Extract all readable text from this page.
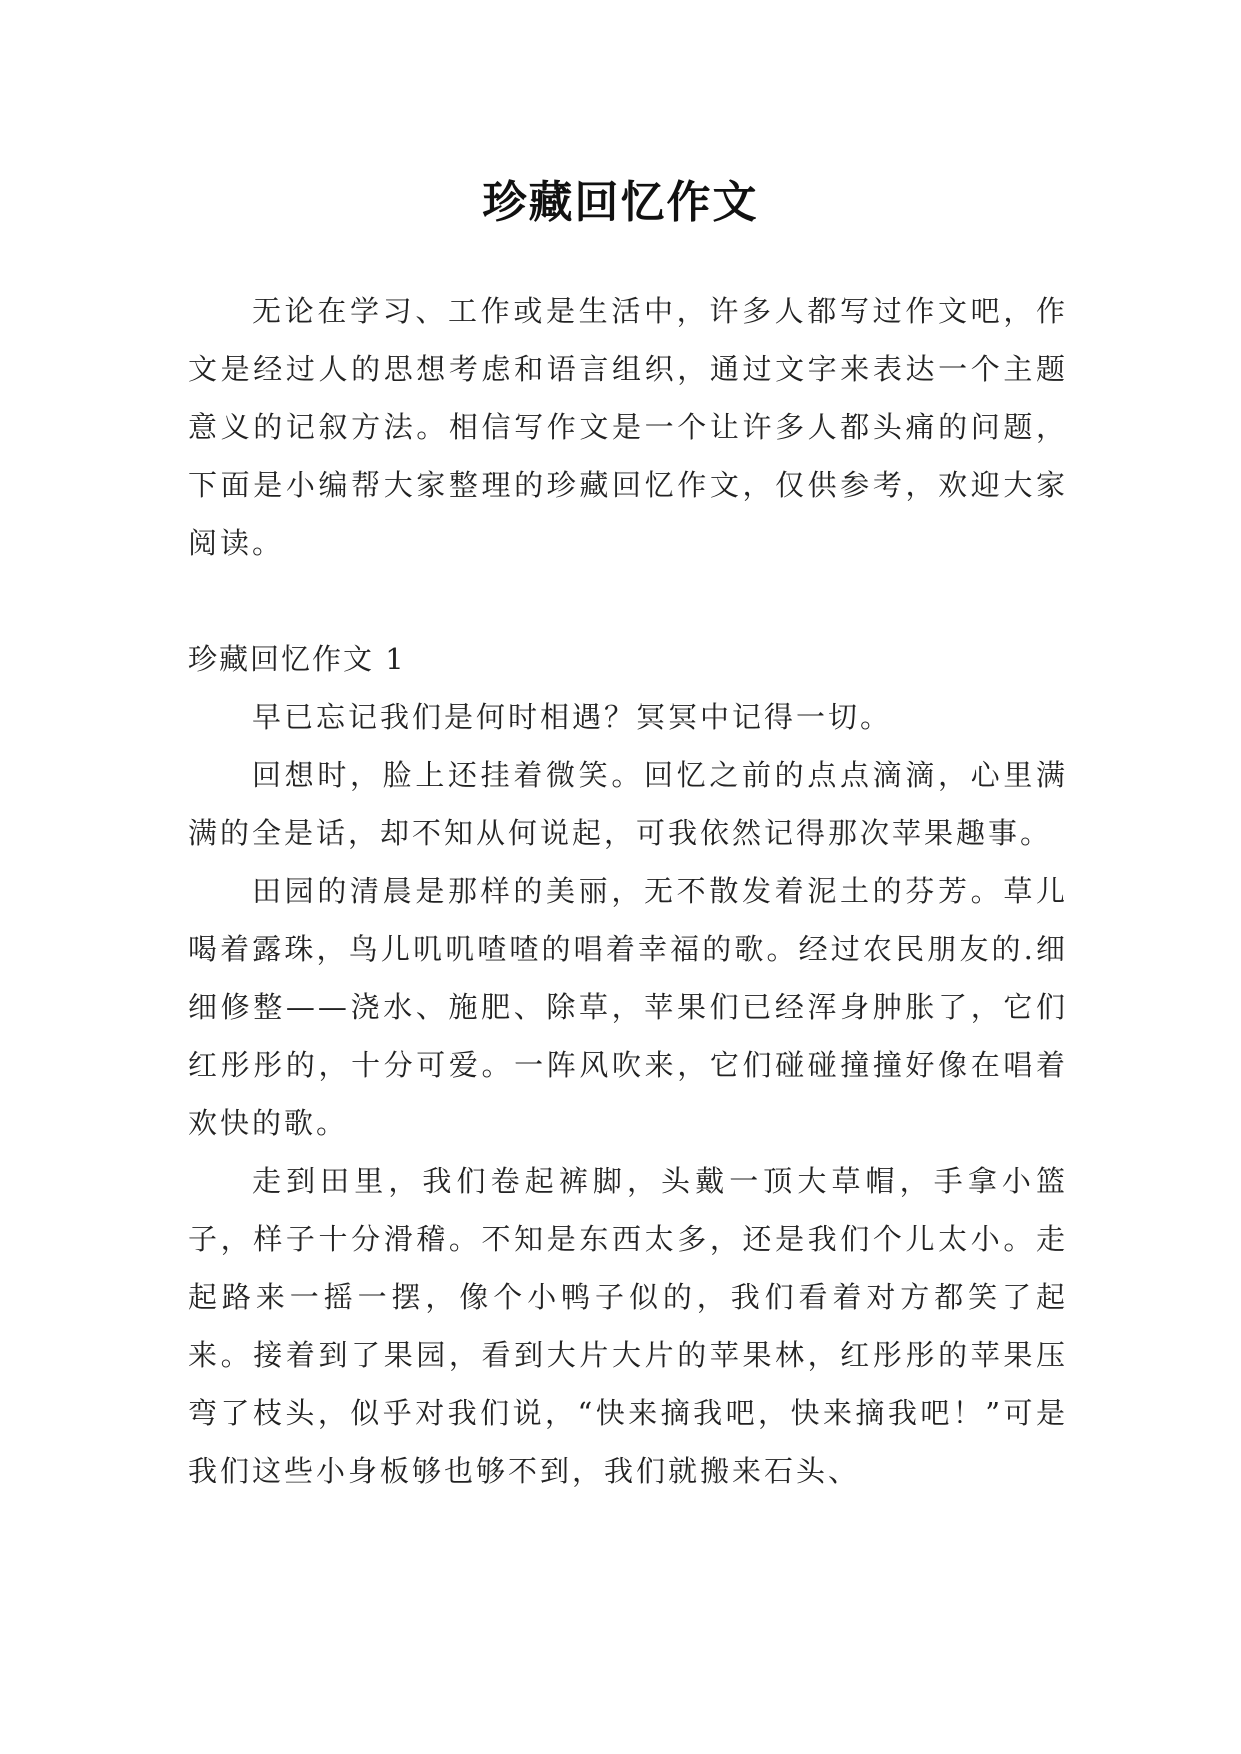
珍藏回忆作文

无论在学习、工作或是生活中，许多人都写过作文吧，作文是经过人的思想考虑和语言组织，通过文字来表达一个主题意义的记叙方法。相信写作文是一个让许多人都头痛的问题，下面是小编帮大家整理的珍藏回忆作文，仅供参考，欢迎大家阅读。

珍藏回忆作文 1

早已忘记我们是何时相遇？冥冥中记得一切。

回想时，脸上还挂着微笑。回忆之前的点点滴滴，心里满满的全是话，却不知从何说起，可我依然记得那次苹果趣事。

田园的清晨是那样的美丽，无不散发着泥土的芬芳。草儿喝着露珠，鸟儿叽叽喳喳的唱着幸福的歌。经过农民朋友的.细细修整——浇水、施肥、除草，苹果们已经浑身肿胀了，它们红彤彤的，十分可爱。一阵风吹来，它们碰碰撞撞好像在唱着欢快的歌。

走到田里，我们卷起裤脚，头戴一顶大草帽，手拿小篮子，样子十分滑稽。不知是东西太多，还是我们个儿太小。走起路来一摇一摆，像个小鸭子似的，我们看着对方都笑了起来。接着到了果园，看到大片大片的苹果林，红彤彤的苹果压弯了枝头，似乎对我们说，“快来摘我吧，快来摘我吧！”可是我们这些小身板够也够不到，我们就搬来石头、
